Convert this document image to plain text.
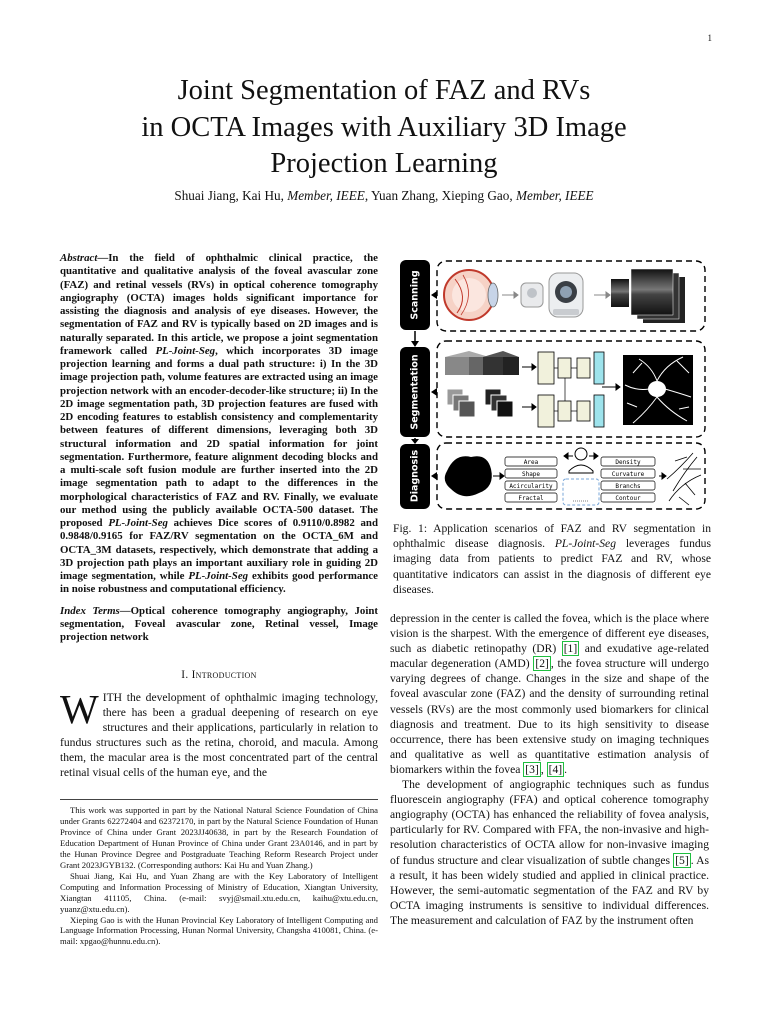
1
Joint Segmentation of FAZ and RVs
in OCTA Images with Auxiliary 3D Image
Projection Learning
Shuai Jiang, Kai Hu, Member, IEEE, Yuan Zhang, Xieping Gao, Member, IEEE

Abstract—In the field of ophthalmic clinical practice, the quantitative and qualitative analysis of the foveal avascular zone (FAZ) and retinal vessels (RVs) in optical coherence tomography angiography (OCTA) images holds significant importance for assisting the diagnosis and analysis of eye diseases. However, the segmentation of FAZ and RV is typically based on 2D images and is naturally separated. In this article, we propose a joint segmentation framework called PL-Joint-Seg, which incorporates 3D image projection learning and forms a dual path structure: i) In the 3D image projection path, volume features are extracted using an image projection network with an encoder-decoder-like structure; ii) In the 2D image segmentation path, 3D projection features are fused with 2D encoding features to establish consistency and complementarity between features of different dimensions, leveraging both 3D structural information and 2D spatial information for joint segmentation. Furthermore, feature alignment decoding blocks and a multi-scale soft fusion module are further inserted into the 2D image segmentation path to adapt to the differences in the morphological characteristics of FAZ and RV. Finally, we evaluate our method using the publicly available OCTA-500 dataset. The proposed PL-Joint-Seg achieves Dice scores of 0.9110/0.8982 and 0.9848/0.9165 for FAZ/RV segmentation on the OCTA_6M and OCTA_3M datasets, respectively, which demonstrate that adding a 3D projection path plays an important auxiliary role in guiding 2D image segmentation, while PL-Joint-Seg exhibits good performance in noise robustness and computational efficiency.

Index Terms—Optical coherence tomography angiography, Joint segmentation, Foveal avascular zone, Retinal vessel, Image projection network

I. Introduction

WITH the development of ophthalmic imaging technology, there has been a gradual deepening of research on eye structures and their applications, particularly in relation to fundus structures such as the retina, choroid, and macula. Among them, the macular area is the most concentrated part of the central retinal visual cells of the human eye, and the

This work was supported in part by the National Natural Science Foundation of China under Grants 62272404 and 62372170, in part by the Natural Science Foundation of Hunan Province of China under Grant 2023JJ40638, in part by the Research Foundation of Education Department of Hunan Province of China under Grant 23A0146, and in part by the Hunan Province Degree and Postgraduate Teaching Reform Research Project under Grant 2023JGYB132. (Corresponding authors: Kai Hu and Yuan Zhang.)

Shuai Jiang, Kai Hu, and Yuan Zhang are with the Key Laboratory of Intelligent Computing and Information Processing of Ministry of Education, Xiangtan University, Xiangtan 411105, China. (e-mail: svyj@smail.xtu.edu.cn, kaihu@xtu.edu.cn, yuanz@xtu.edu.cn).

Xieping Gao is with the Hunan Provincial Key Laboratory of Intelligent Computing and Language Information Processing, Hunan Normal University, Changsha 410081, China. (e-mail: xpgao@hunnu.edu.cn).

Scanning
Segmentation
Diagnosis	Area
Shape
Acircularity
Fractal
Density
Curvature
Branchs
Contour

Fig. 1: Application scenarios of FAZ and RV segmentation in ophthalmic disease diagnosis. PL-Joint-Seg leverages fundus imaging data from patients to predict FAZ and RV, whose quantitative indicators can assist in the diagnosis of different eye diseases.

depression in the center is called the fovea, which is the place where vision is the sharpest. With the emergence of different eye diseases, such as diabetic retinopathy (DR) [1] and exudative age-related macular degeneration (AMD) [2] , the fovea structure will undergo varying degrees of change. Changes in the size and shape of the foveal avascular zone (FAZ) and the density of surrounding retinal vessels (RVs) are the most commonly used biomarkers for clinical diagnosis and treatment. Due to its high sensitivity to disease occurrence, there has been extensive study on imaging techniques and qualitative as well as quantitative estimation analysis of biomarkers within the fovea [3] , [4] .

The development of angiographic techniques such as fundus fluorescein angiography (FFA) and optical coherence tomography angiography (OCTA) has enhanced the reliability of fovea analysis, particularly for RV. Compared with FFA, the non-invasive and high-resolution characteristics of OCTA allow for non-invasive imaging of fundus structure and clear visualization of subtle changes [5] . As a result, it has been widely studied and applied in clinical practice. However, the semi-automatic segmentation of the FAZ and RV by OCTA imaging instruments is sensitive to individual differences. The measurement and calculation of FAZ by the instrument often
